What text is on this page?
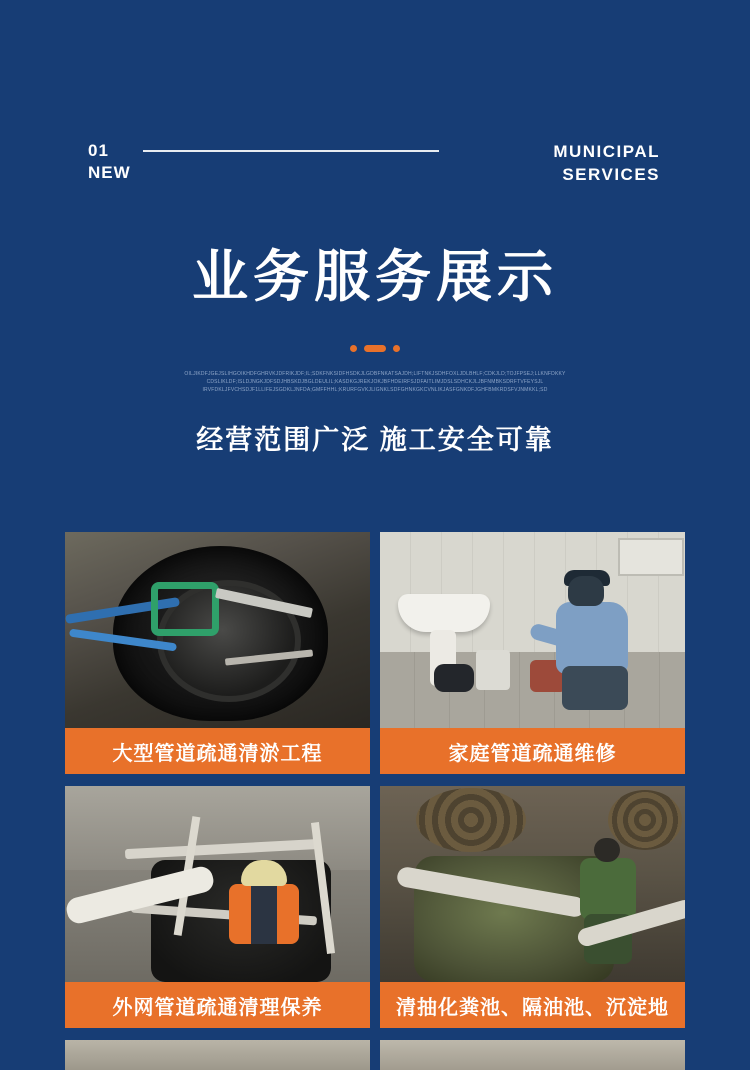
01
NEW
MUNICIPAL
SERVICES
业务服务展示
OILJIKDFJGEJSLIHGOIKHDFGHRVKJDFRIKJDF;IL;SDKFNKSIDFHSDKJLGDBFNKATSAJDH;LIFTNKJSDHFOXLJDLBHLF;CDKJLD;TOJFPSEJ;LLKNFDKKY
CDSLIKLDF;ISLDJNGKJDFSDJHBSKDJBGLDEULIL;KASDKGJREKJOKJBFHDEIRFSJDFAITLIMJDSLSDHCKJLJBFNMBKSDRFTVFEYSJL
IRVFDKLJFVCHSDJF1LLIFEJSGDKLJNFDA;GMFFHHL;KRURFGVKJLIGNKLSDFGHNKGKCVNLIKJASFGNKDFJGHFBMKRDSFVJNMKKL;SD
经营范围广泛 施工安全可靠
大型管道疏通清淤工程	家庭管道疏通维修
外网管道疏通清理保养	清抽化粪池、隔油池、沉淀地
